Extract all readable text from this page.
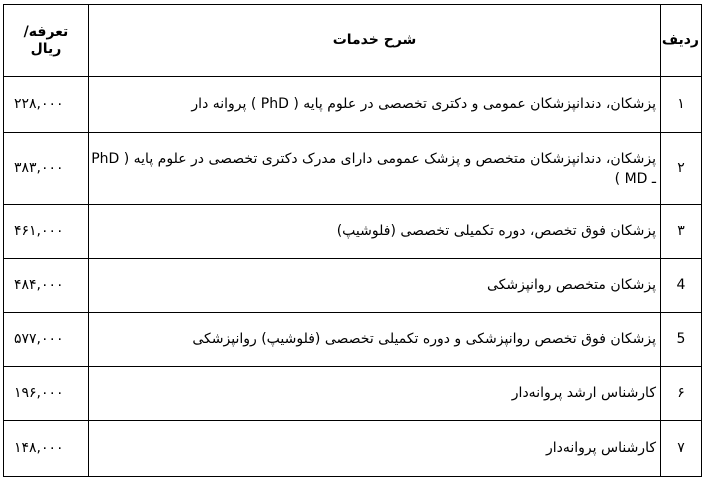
ردیف	شرح خدمات	تعرفه/
ریال

۱	پزشکان، دندانپزشکان عمومی و دکتری تخصصی در علوم پایه ( PhD ) پروانه دار	۲۲۸,۰۰۰
۲	پزشکان، دندانپزشکان متخصص و پزشک عمومی دارای مدرک دکتری تخصصی در علوم پایه ( PhD ـ MD )	۳۸۳,۰۰۰
۳	پزشکان فوق تخصص، دوره تکمیلی تخصصی (فلوشیپ)	۴۶۱,۰۰۰
4	پزشکان متخصص روانپزشکی	۴۸۴,۰۰۰
5	پزشکان فوق تخصص روانپزشکی و دوره تکمیلی تخصصی (فلوشیپ) روانپزشکی	۵۷۷,۰۰۰
۶	کارشناس ارشد پروانه‌دار	۱۹۶,۰۰۰
۷	کارشناس پروانه‌دار	۱۴۸,۰۰۰
